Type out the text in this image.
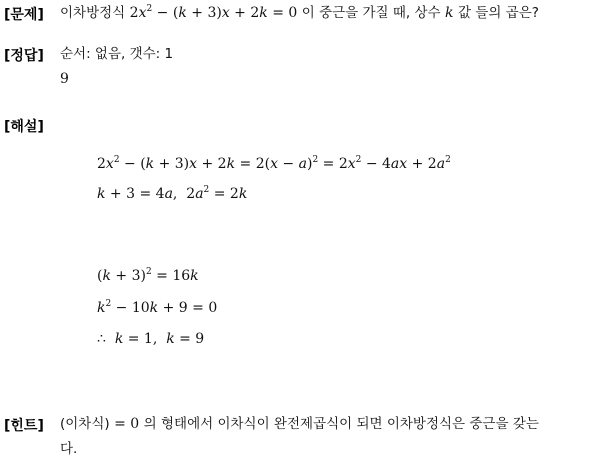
[문제] 이차방정식 $2x^2 - (k + 3)x + 2k = 0$ 이 중근을 가질 때, 상수 k 값 들의 곱은?
[정답] 순서: 없음, 갯수: 1
9
[해설]
$2x^2 - (k + 3)x + 2k = 2(x - a)^2 = 2x^2 - 4ax + 2a^2$
k + 3 = 4a,  $2a^2 = 2k$
$(k + 3)^2 = 16k$
$k^2 - 10k + 9 = 0$
∴  k = 1,  k = 9
[힌트] (이차식) = 0 의 형태에서 이차식이 완전제곱식이 되면 이차방정식은 중근을 갖는
다.
